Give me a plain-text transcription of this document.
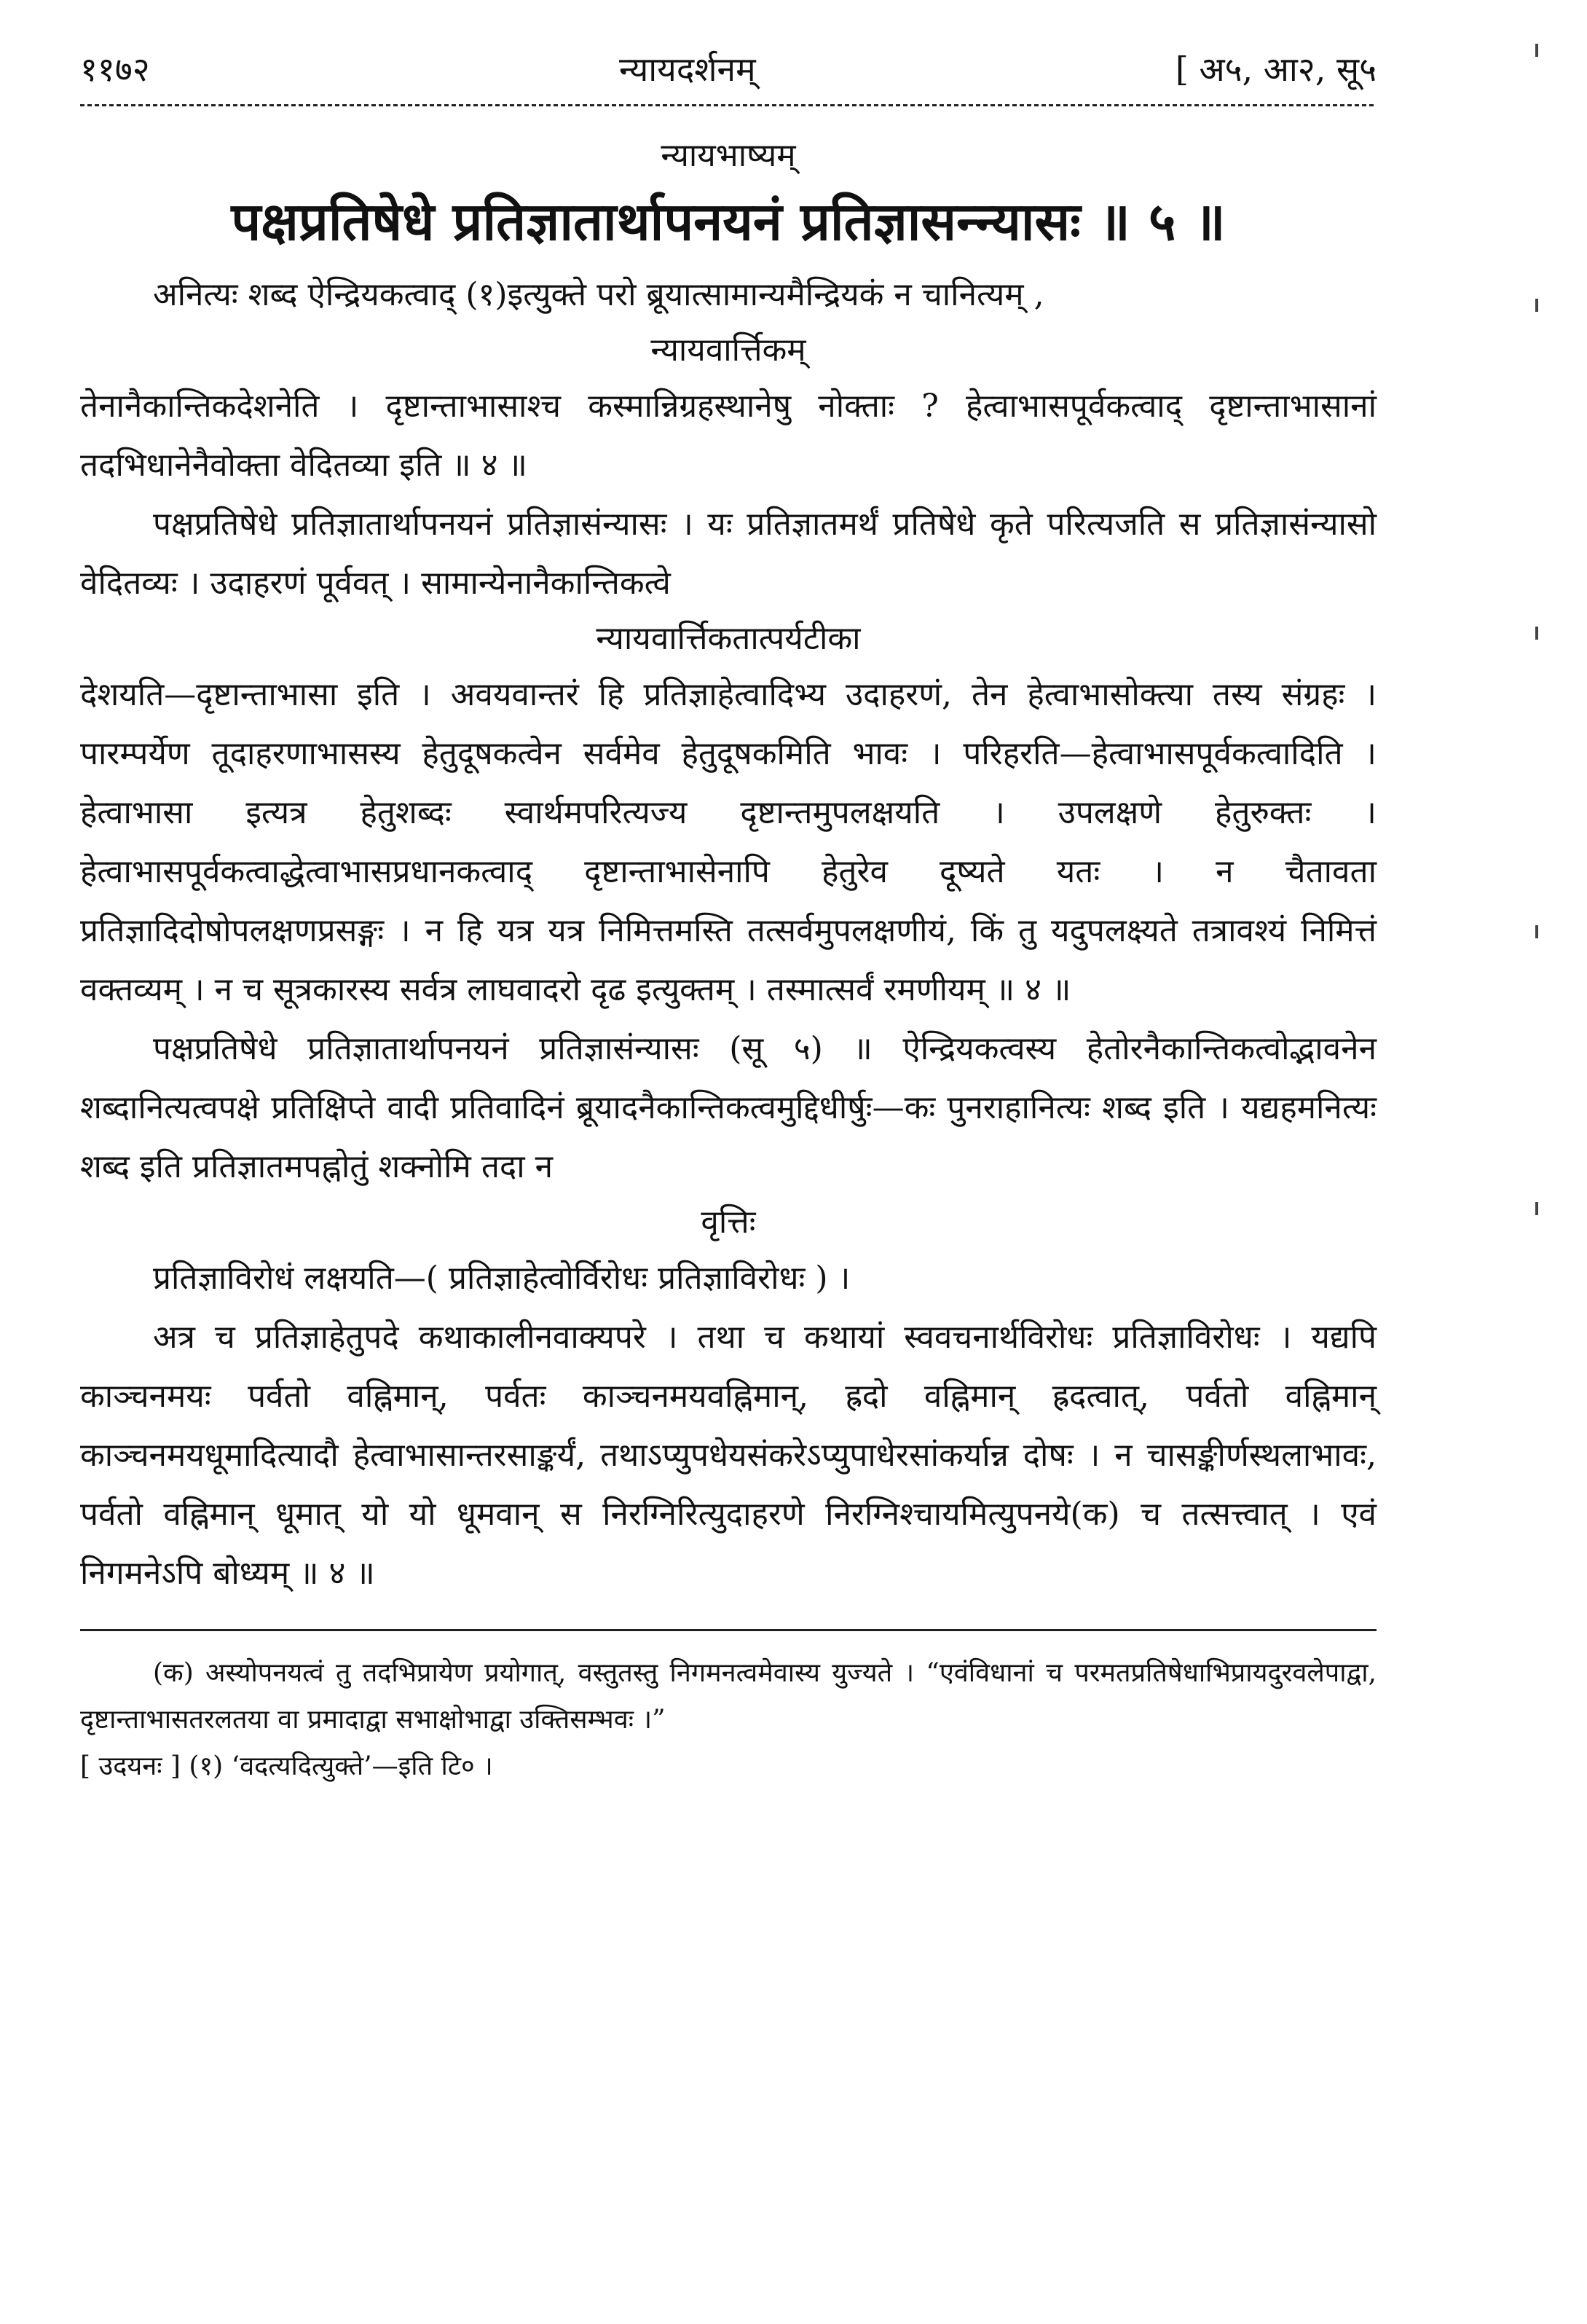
११७२	न्यायदर्शनम्	[ अ५, आ२, सू५
न्यायभाष्यम्
पक्षप्रतिषेधे प्रतिज्ञातार्थापनयनं प्रतिज्ञासन्न्यासः ॥ ५ ॥

अनित्यः शब्द ऐन्द्रियकत्वाद् (१)इत्युक्ते परो ब्रूयात्सामान्यमैन्द्रियकं न चानित्यम् ,

न्यायवार्त्तिकम्

तेनानैकान्तिकदेशनेति । दृष्टान्ताभासाश्च कस्मान्निग्रहस्थानेषु नोक्ताः ? हेत्वाभासपूर्वकत्वाद् दृष्टान्ताभासानां तदभिधानेनैवोक्ता वेदितव्या इति ॥ ४ ॥

पक्षप्रतिषेधे प्रतिज्ञातार्थापनयनं प्रतिज्ञासंन्यासः । यः प्रतिज्ञातमर्थं प्रतिषेधे कृते परित्यजति स प्रतिज्ञासंन्यासो वेदितव्यः । उदाहरणं पूर्ववत् । सामान्येनानैकान्तिकत्वे

न्यायवार्त्तिकतात्पर्यटीका

देशयति—दृष्टान्ताभासा इति । अवयवान्तरं हि प्रतिज्ञाहेत्वादिभ्य उदाहरणं, तेन हेत्वाभासोक्त्या तस्य संग्रहः । पारम्पर्येण तूदाहरणाभासस्य हेतुदूषकत्वेन सर्वमेव हेतुदूषकमिति भावः । परिहरति—हेत्वाभासपूर्वकत्वादिति । हेत्वाभासा इत्यत्र हेतुशब्दः स्वार्थमपरित्यज्य दृष्टान्तमुपलक्षयति । उपलक्षणे हेतुरुक्तः । हेत्वाभासपूर्वकत्वाद्धेत्वाभासप्रधानकत्वाद् दृष्टान्ताभासेनापि हेतुरेव दूष्यते यतः । न चैतावता प्रतिज्ञादिदोषोपलक्षणप्रसङ्गः । न हि यत्र यत्र निमित्तमस्ति तत्सर्वमुपलक्षणीयं, किं तु यदुपलक्ष्यते तत्रावश्यं निमित्तं वक्तव्यम् । न च सूत्रकारस्य सर्वत्र लाघवादरो दृढ इत्युक्तम् । तस्मात्सर्वं रमणीयम् ॥ ४ ॥

पक्षप्रतिषेधे प्रतिज्ञातार्थापनयनं प्रतिज्ञासंन्यासः (सू ५) ॥ ऐन्द्रियकत्वस्य हेतोरनैकान्तिकत्वोद्भावनेन शब्दानित्यत्वपक्षे प्रतिक्षिप्ते वादी प्रतिवादिनं ब्रूयादनैकान्तिकत्वमुद्दिधीर्षुः—कः पुनराहानित्यः शब्द इति । यद्यहमनित्यः शब्द इति प्रतिज्ञातमपह्नोतुं शक्नोमि तदा न

वृत्तिः

प्रतिज्ञाविरोधं लक्षयति—( प्रतिज्ञाहेत्वोर्विरोधः प्रतिज्ञाविरोधः ) ।

अत्र च प्रतिज्ञाहेतुपदे कथाकालीनवाक्यपरे । तथा च कथायां स्ववचनार्थविरोधः प्रतिज्ञाविरोधः । यद्यपि काञ्चनमयः पर्वतो वह्निमान्, पर्वतः काञ्चनमयवह्निमान्, ह्रदो वह्निमान् ह्रदत्वात्, पर्वतो वह्निमान् काञ्चनमयधूमादित्यादौ हेत्वाभासान्तरसाङ्कर्यं, तथाऽप्युपधेयसंकरेऽप्युपाधेरसांकर्यान्न दोषः । न चासङ्कीर्णस्थलाभावः, पर्वतो वह्निमान् धूमात् यो यो धूमवान् स निरग्निरित्युदाहरणे निरग्निश्चायमित्युपनये(क) च तत्सत्त्वात् । एवं निगमनेऽपि बोध्यम् ॥ ४ ॥

(क) अस्योपनयत्वं तु तदभिप्रायेण प्रयोगात्, वस्तुतस्तु निगमनत्वमेवास्य युज्यते । “एवंविधानां च परमतप्रतिषेधाभिप्रायदुरवलेपाद्वा, दृष्टान्ताभासतरलतया वा प्रमादाद्वा सभाक्षोभाद्वा उक्तिसम्भवः ।”

[ उदयनः ] (१) ‘वदत्यदित्युक्ते’—इति टि० ।
